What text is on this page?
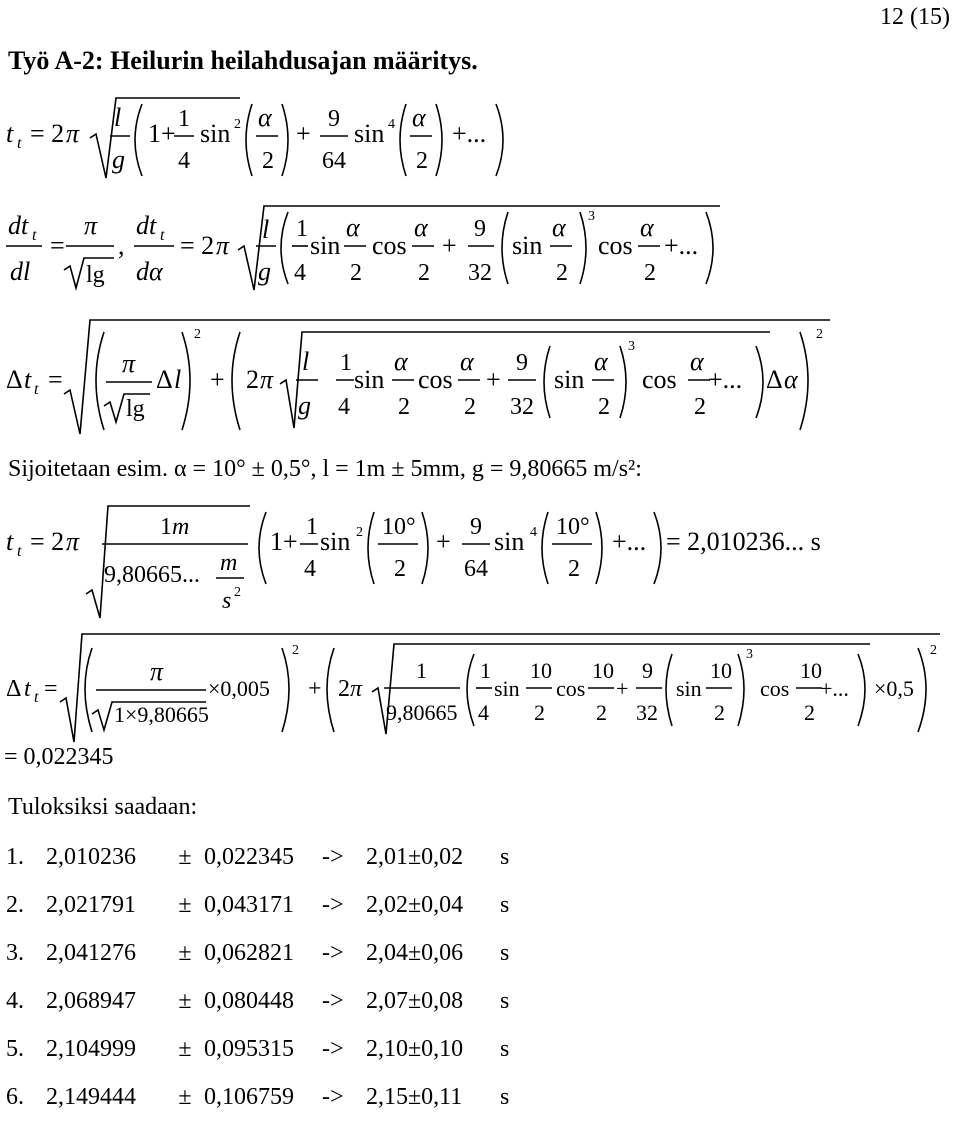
12 (15)
Työ A-2: Heilurin heilahdusajan määritys.
t t = 2 π
l
g
1+ 1
4
sin 2 α
2
+ 9
64
sin 4 α
2
+...
dt t
dl
=
π
lg
,
dt t
dα
= 2 π
l
g
1
4
sin
α
2
cos
α
2
+
9
32
sin
α
2
3
cos
α
2
+...
Δ t t =
π
lg
Δ l
2
+ 2 π
l
g
1
4
sin
α
2
cos
α
2
+
9
32
sin
α
2
3
cos
α
2
+... Δ α
2
Sijoitetaan esim. α = 10° ± 0,5°, l = 1m ± 5mm, g = 9,80665 m/s²:
t t = 2 π	1 m
9,80665... m
s 2
1+ 1
4
sin 2 10°
2
+ 9
64
sin 4 10°
2
+... = 2,010236... s
Δ t t =
π
1×9,80665
×0,005
2
+ 2 π
1
9,80665
1
4
sin
10
2
cos
10
2
+
9
32
sin
10
2
3
cos
10
2
+... ×0,5
2
= 0,022345
Tuloksiksi saadaan:
1. 2,010236	± 0,022345	-> 2,01±0,02	s
2. 2,021791	± 0,043171	-> 2,02±0,04	s
3. 2,041276	± 0,062821	-> 2,04±0,06	s
4. 2,068947	± 0,080448	-> 2,07±0,08	s
5. 2,104999	± 0,095315	-> 2,10±0,10	s
6. 2,149444	± 0,106759	-> 2,15±0,11	s
